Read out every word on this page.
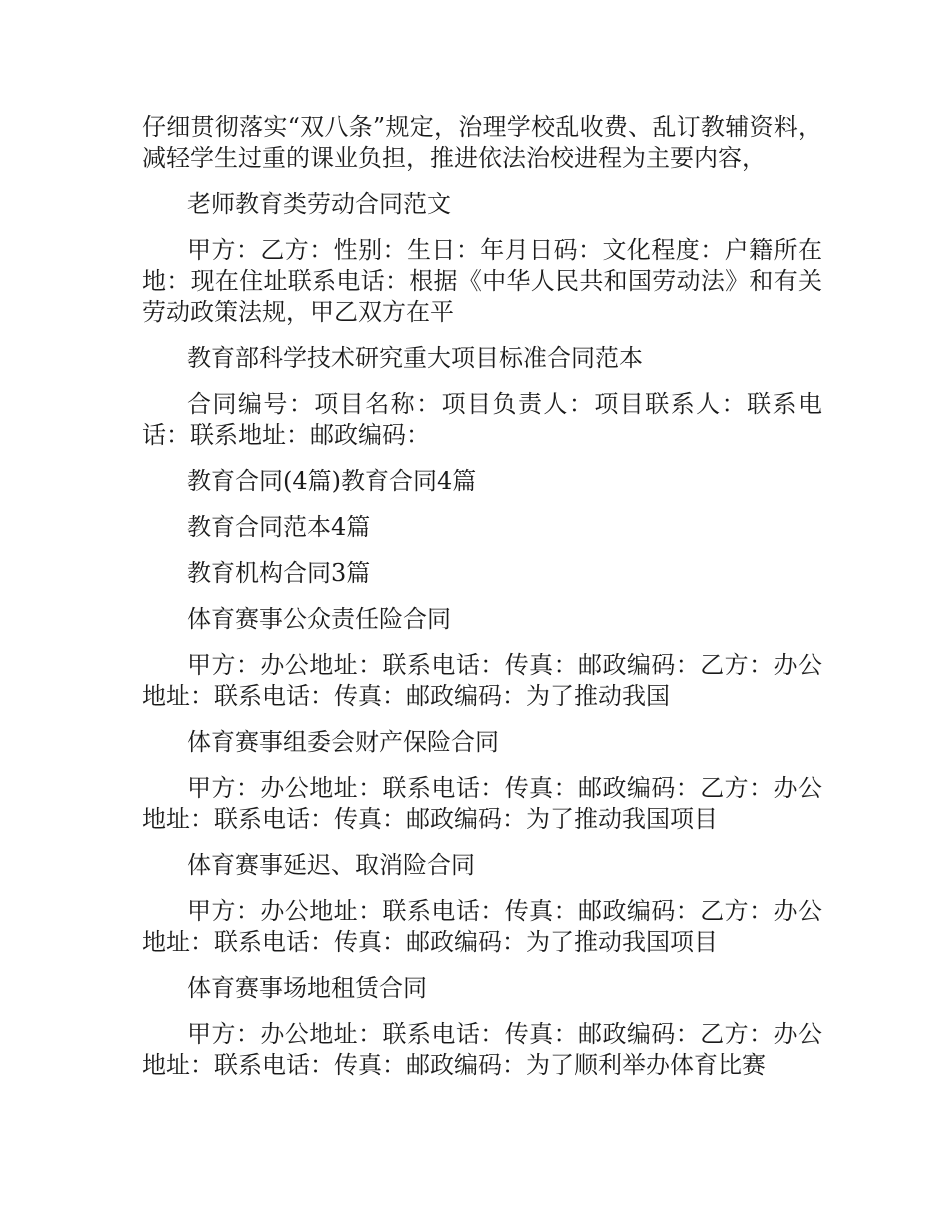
仔细贯彻落实“双八条”规定，治理学校乱收费、乱订教辅资料，减轻学生过重的课业负担，推进依法治校进程为主要内容，

老师教育类劳动合同范文

甲方：乙方：性别：生日：年月日码：文化程度：户籍所在地：现在住址联系电话：根据《中华人民共和国劳动法》和有关劳动政策法规，甲乙双方在平

教育部科学技术研究重大项目标准合同范本

合同编号：项目名称：项目负责人：项目联系人：联系电话：联系地址：邮政编码：

教育合同(4篇)教育合同4篇

教育合同范本4篇

教育机构合同3篇

体育赛事公众责任险合同

甲方：办公地址：联系电话：传真：邮政编码：乙方：办公地址：联系电话：传真：邮政编码：为了推动我国

体育赛事组委会财产保险合同

甲方：办公地址：联系电话：传真：邮政编码：乙方：办公地址：联系电话：传真：邮政编码：为了推动我国项目

体育赛事延迟、取消险合同

甲方：办公地址：联系电话：传真：邮政编码：乙方：办公地址：联系电话：传真：邮政编码：为了推动我国项目

体育赛事场地租赁合同

甲方：办公地址：联系电话：传真：邮政编码：乙方：办公地址：联系电话：传真：邮政编码：为了顺利举办体育比赛
